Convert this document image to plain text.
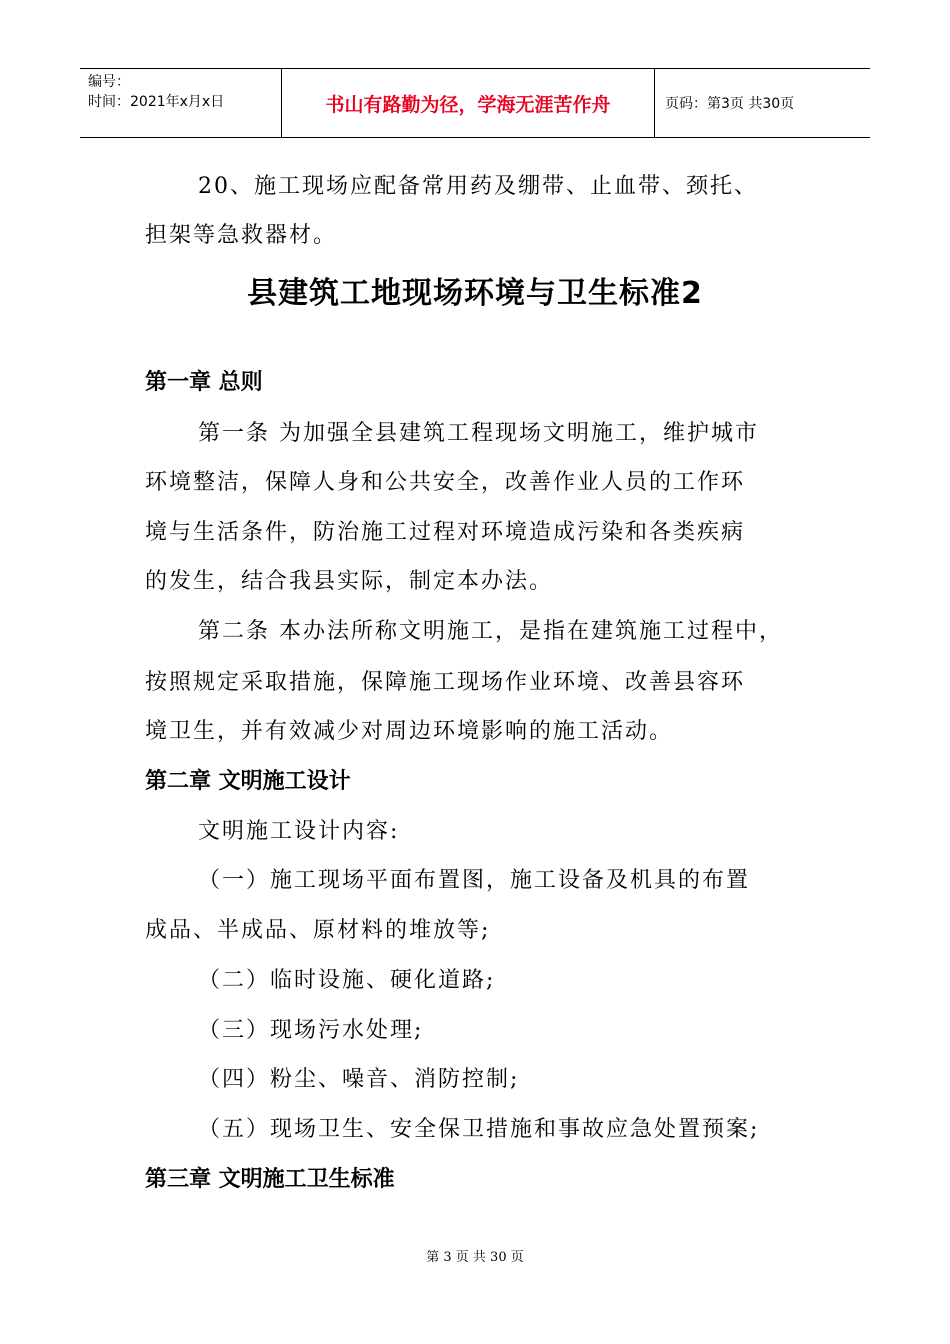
编号：
时间：2021年x月x日	书山有路勤为径，学海无涯苦作舟	页码：第3页 共30页
20、施工现场应配备常用药及绷带、止血带、颈托、
担架等急救器材。
县建筑工地现场环境与卫生标准2
第一章 总则
第一条 为加强全县建筑工程现场文明施工，维护城市
环境整洁，保障人身和公共安全，改善作业人员的工作环
境与生活条件，防治施工过程对环境造成污染和各类疾病
的发生，结合我县实际，制定本办法。
第二条 本办法所称文明施工，是指在建筑施工过程中，
按照规定采取措施，保障施工现场作业环境、改善县容环
境卫生，并有效减少对周边环境影响的施工活动。
第二章 文明施工设计
文明施工设计内容:
（一）施工现场平面布置图，施工设备及机具的布置
成品、半成品、原材料的堆放等;
（二）临时设施、硬化道路;
（三）现场污水处理;
（四）粉尘、噪音、消防控制;
（五）现场卫生、安全保卫措施和事故应急处置预案;
第三章 文明施工卫生标准
第 3 页 共 30 页
